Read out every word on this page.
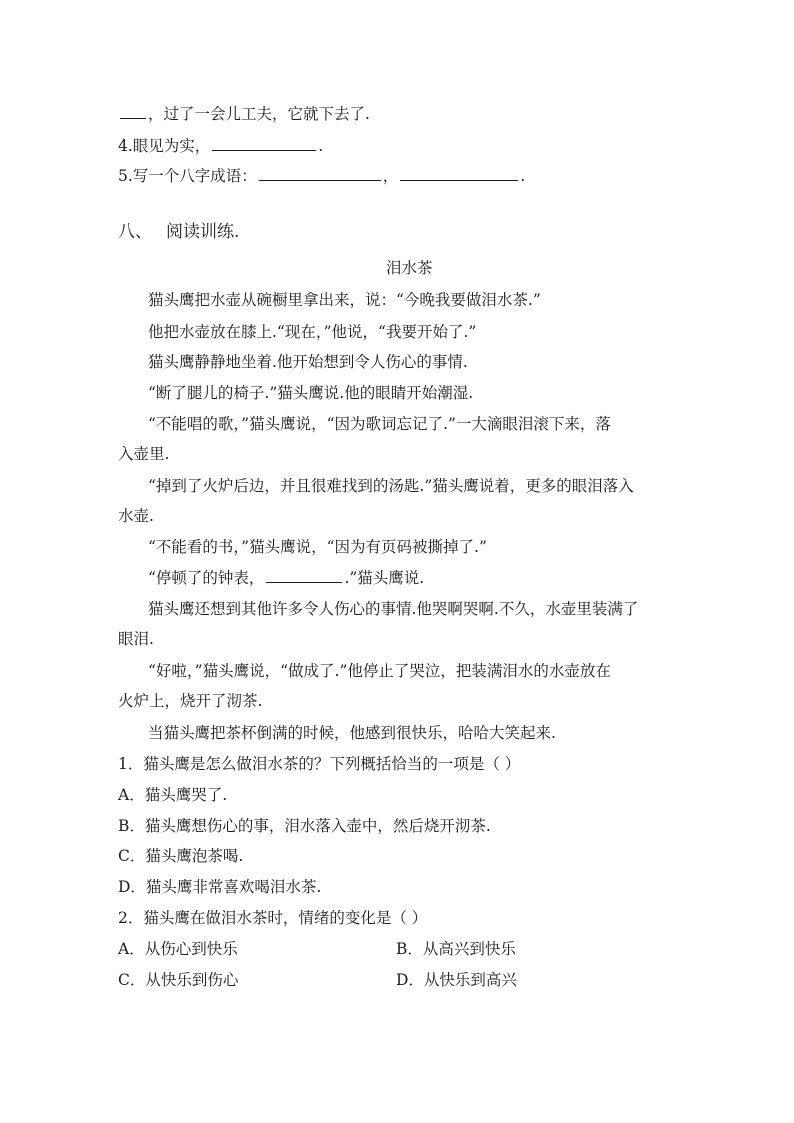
，过了一会儿工夫，它就下去了.
4.眼见为实，	.
5.写一个八字成语：	，	.
八、 阅读训练.
泪水茶
猫头鹰把水壶从碗橱里拿出来，说：“今晚我要做泪水茶.”
他把水壶放在膝上.“现在，”他说，“我要开始了.”
猫头鹰静静地坐着.他开始想到令人伤心的事情.
“断了腿儿的椅子.”猫头鹰说.他的眼睛开始潮湿.
“不能唱的歌，”猫头鹰说，“因为歌词忘记了.”一大滴眼泪滚下来，落
入壶里.
“掉到了火炉后边，并且很难找到的汤匙.”猫头鹰说着，更多的眼泪落入
水壶.
“不能看的书，”猫头鹰说，“因为有页码被撕掉了.”
“停顿了的钟表，	.”猫头鹰说.
猫头鹰还想到其他许多令人伤心的事情.他哭啊哭啊.不久，水壶里装满了
眼泪.
“好啦，”猫头鹰说，“做成了.”他停止了哭泣，把装满泪水的水壶放在
火炉上，烧开了沏茶.
当猫头鹰把茶杯倒满的时候，他感到很快乐，哈哈大笑起来.
1．猫头鹰是怎么做泪水茶的？下列概括恰当的一项是（ ）
A．猫头鹰哭了.
B．猫头鹰想伤心的事，泪水落入壶中，然后烧开沏茶.
C．猫头鹰泡茶喝.
D．猫头鹰非常喜欢喝泪水茶.
2．猫头鹰在做泪水茶时，情绪的变化是（ ）
A．从伤心到快乐	B．从高兴到快乐
C．从快乐到伤心	D．从快乐到高兴
